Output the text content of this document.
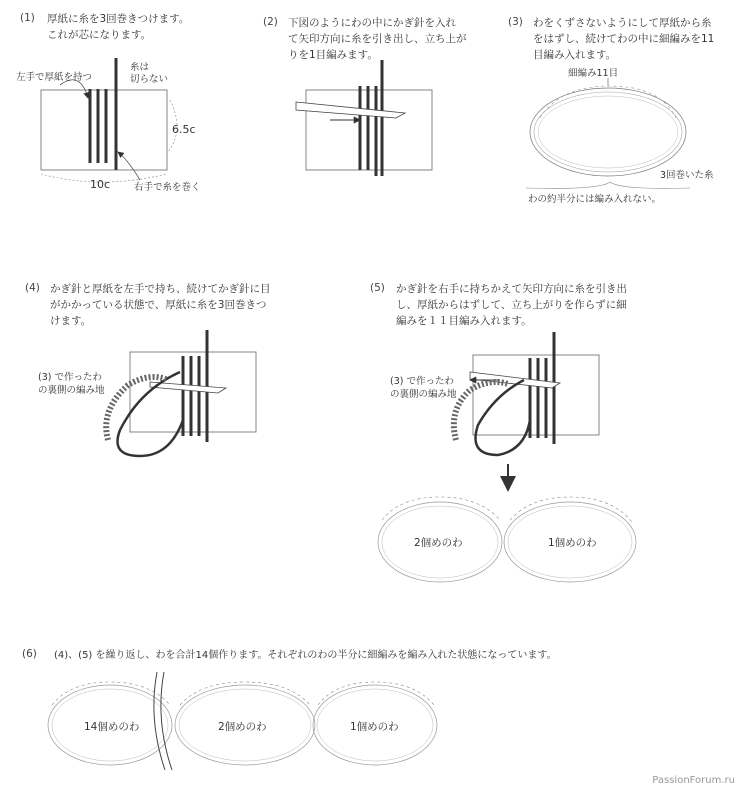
(1) 厚紙に糸を3回巻きつけます。
これが芯になります。
左手で厚紙を持つ
糸は
切らない
6.5c
10c	右手で糸を巻く
(2) 下図のようにわの中にかぎ針を入れ
て矢印方向に糸を引き出し、立ち上が
りを1目編みます。
(3) わをくずさないようにして厚紙から糸
をはずし、続けてわの中に細編みを11
目編み入れます。
細編み11目
3回巻いた糸
わの約半分には編み入れない。
(4) かぎ針と厚紙を左手で持ち、続けてかぎ針に目
がかかっている状態で、厚紙に糸を3回巻きつ
けます。
(3) で作ったわ
の裏側の編み地
(5) かぎ針を右手に持ちかえて矢印方向に糸を引き出
し、厚紙からはずして、立ち上がりを作らずに細
編みを１１目編み入れます。
(3) で作ったわ
の裏側の編み地
2個めのわ	1個めのわ
(6) (4)、(5) を繰り返し、わを合計14個作ります。それぞれのわの半分に細編みを編み入れた状態になっています。
14個めのわ	2個めのわ	1個めのわ
PassionForum.ru
